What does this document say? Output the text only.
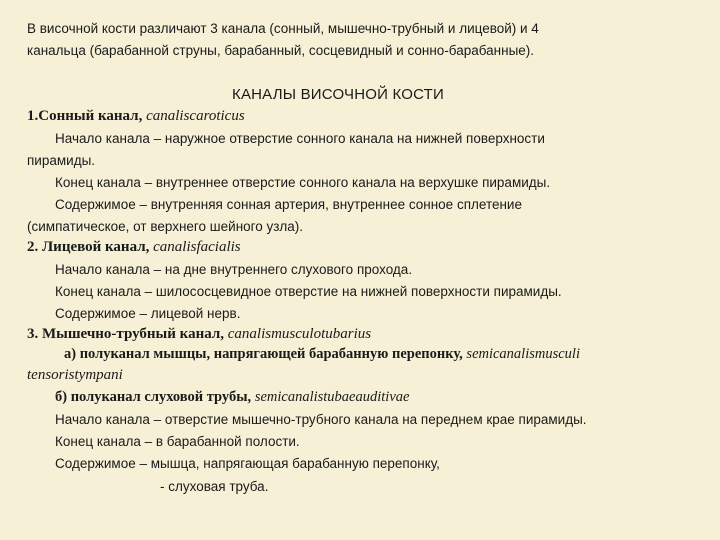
В височной кости различают 3 канала (сонный, мышечно-трубный и лицевой) и 4
канальца (барабанной струны, барабанный, сосцевидный и сонно-барабанные).
КАНАЛЫ ВИСОЧНОЙ КОСТИ
1.Сонный канал, canaliscaroticus
Начало канала – наружное отверстие сонного канала на нижней поверхности
пирамиды.
Конец канала – внутреннее отверстие сонного канала на верхушке пирамиды.
Содержимое – внутренняя сонная артерия, внутреннее сонное сплетение
(симпатическое, от верхнего шейного узла).
2. Лицевой канал, canalisfacialis
Начало канала – на дне внутреннего слухового прохода.
Конец канала – шилососцевидное отверстие на нижней поверхности пирамиды.
Содержимое – лицевой нерв.
3. Мышечно-трубный канал, canalismusculotubarius
а) полуканал мышцы, напрягающей барабанную перепонку, semicanalismusculi
tensoristympani
б) полуканал слуховой трубы, semicanalistubaeauditivae
Начало канала – отверстие мышечно-трубного канала на переднем крае пирамиды.
Конец канала – в барабанной полости.
Содержимое – мышца, напрягающая барабанную перепонку,
- слуховая труба.
